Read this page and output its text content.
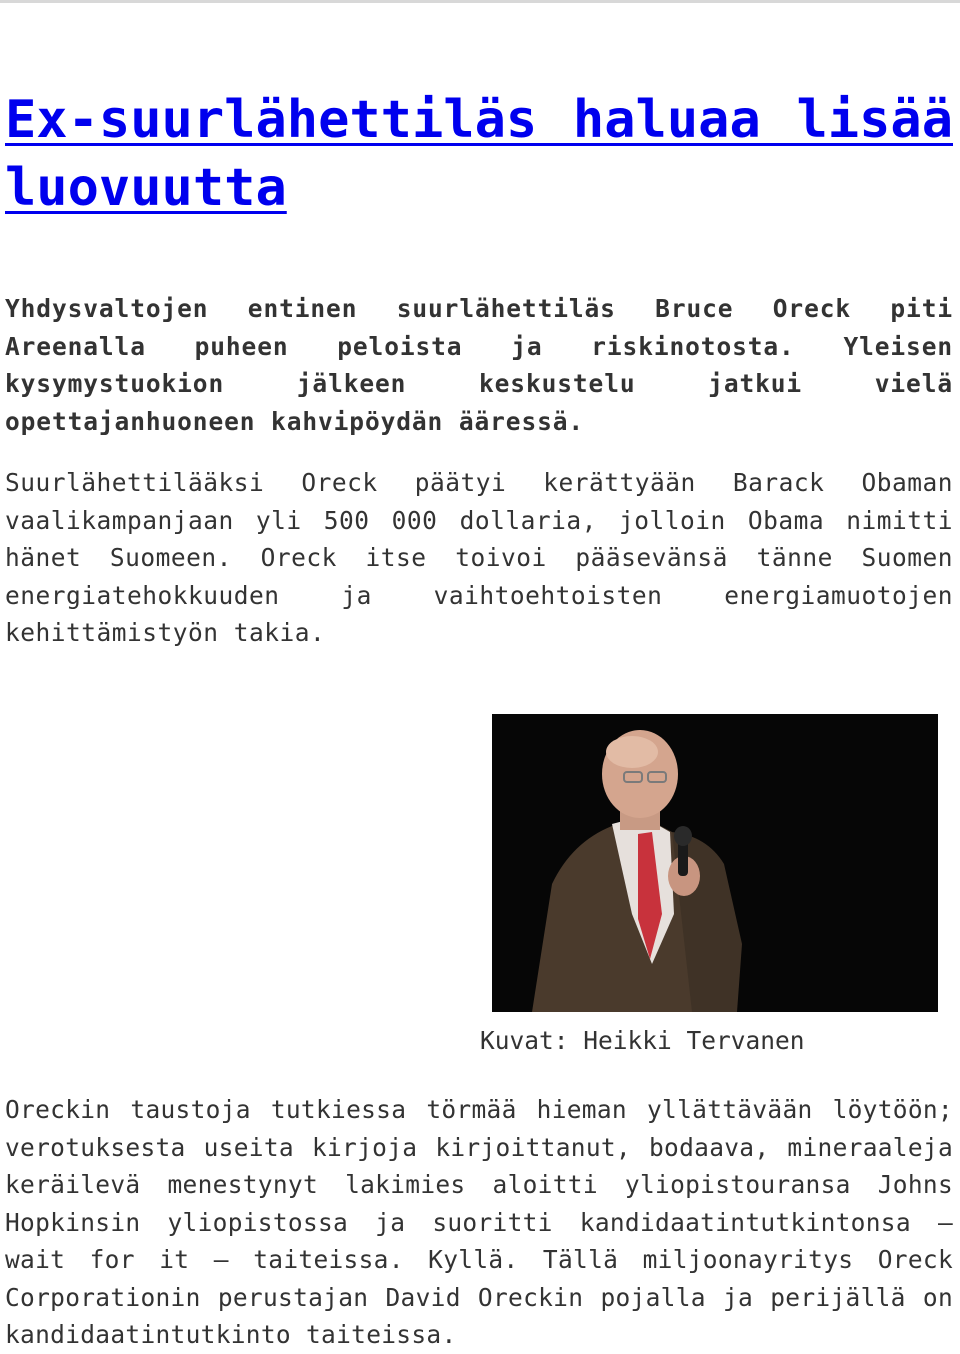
Ex-suurlähettiläs haluaa lisää luovuutta

Yhdysvaltojen entinen suurlähettiläs Bruce Oreck piti Areenalla puheen peloista ja riskinotosta. Yleisen kysymystuokion jälkeen keskustelu jatkui vielä opettajanhuoneen kahvipöydän ääressä.

Suurlähettilääksi Oreck päätyi kerättyään Barack Obaman vaalikampanjaan yli 500 000 dollaria, jolloin Obama nimitti hänet Suomeen. Oreck itse toivoi pääsevänsä tänne Suomen energiatehokkuuden ja vaihtoehtoisten energiamuotojen kehittämistyön takia.

Kuvat: Heikki Tervanen

Oreckin taustoja tutkiessa törmää hieman yllättävään löytöön; verotuksesta useita kirjoja kirjoittanut, bodaava, mineraaleja keräilevä menestynyt lakimies aloitti yliopistouransa Johns Hopkinsin yliopistossa ja suoritti kandidaatintutkintonsa – wait for it – taiteissa. Kyllä. Tällä miljoonayritys Oreck Corporationin perustajan David Oreckin pojalla ja perijällä on kandidaatintutkinto taiteissa.
